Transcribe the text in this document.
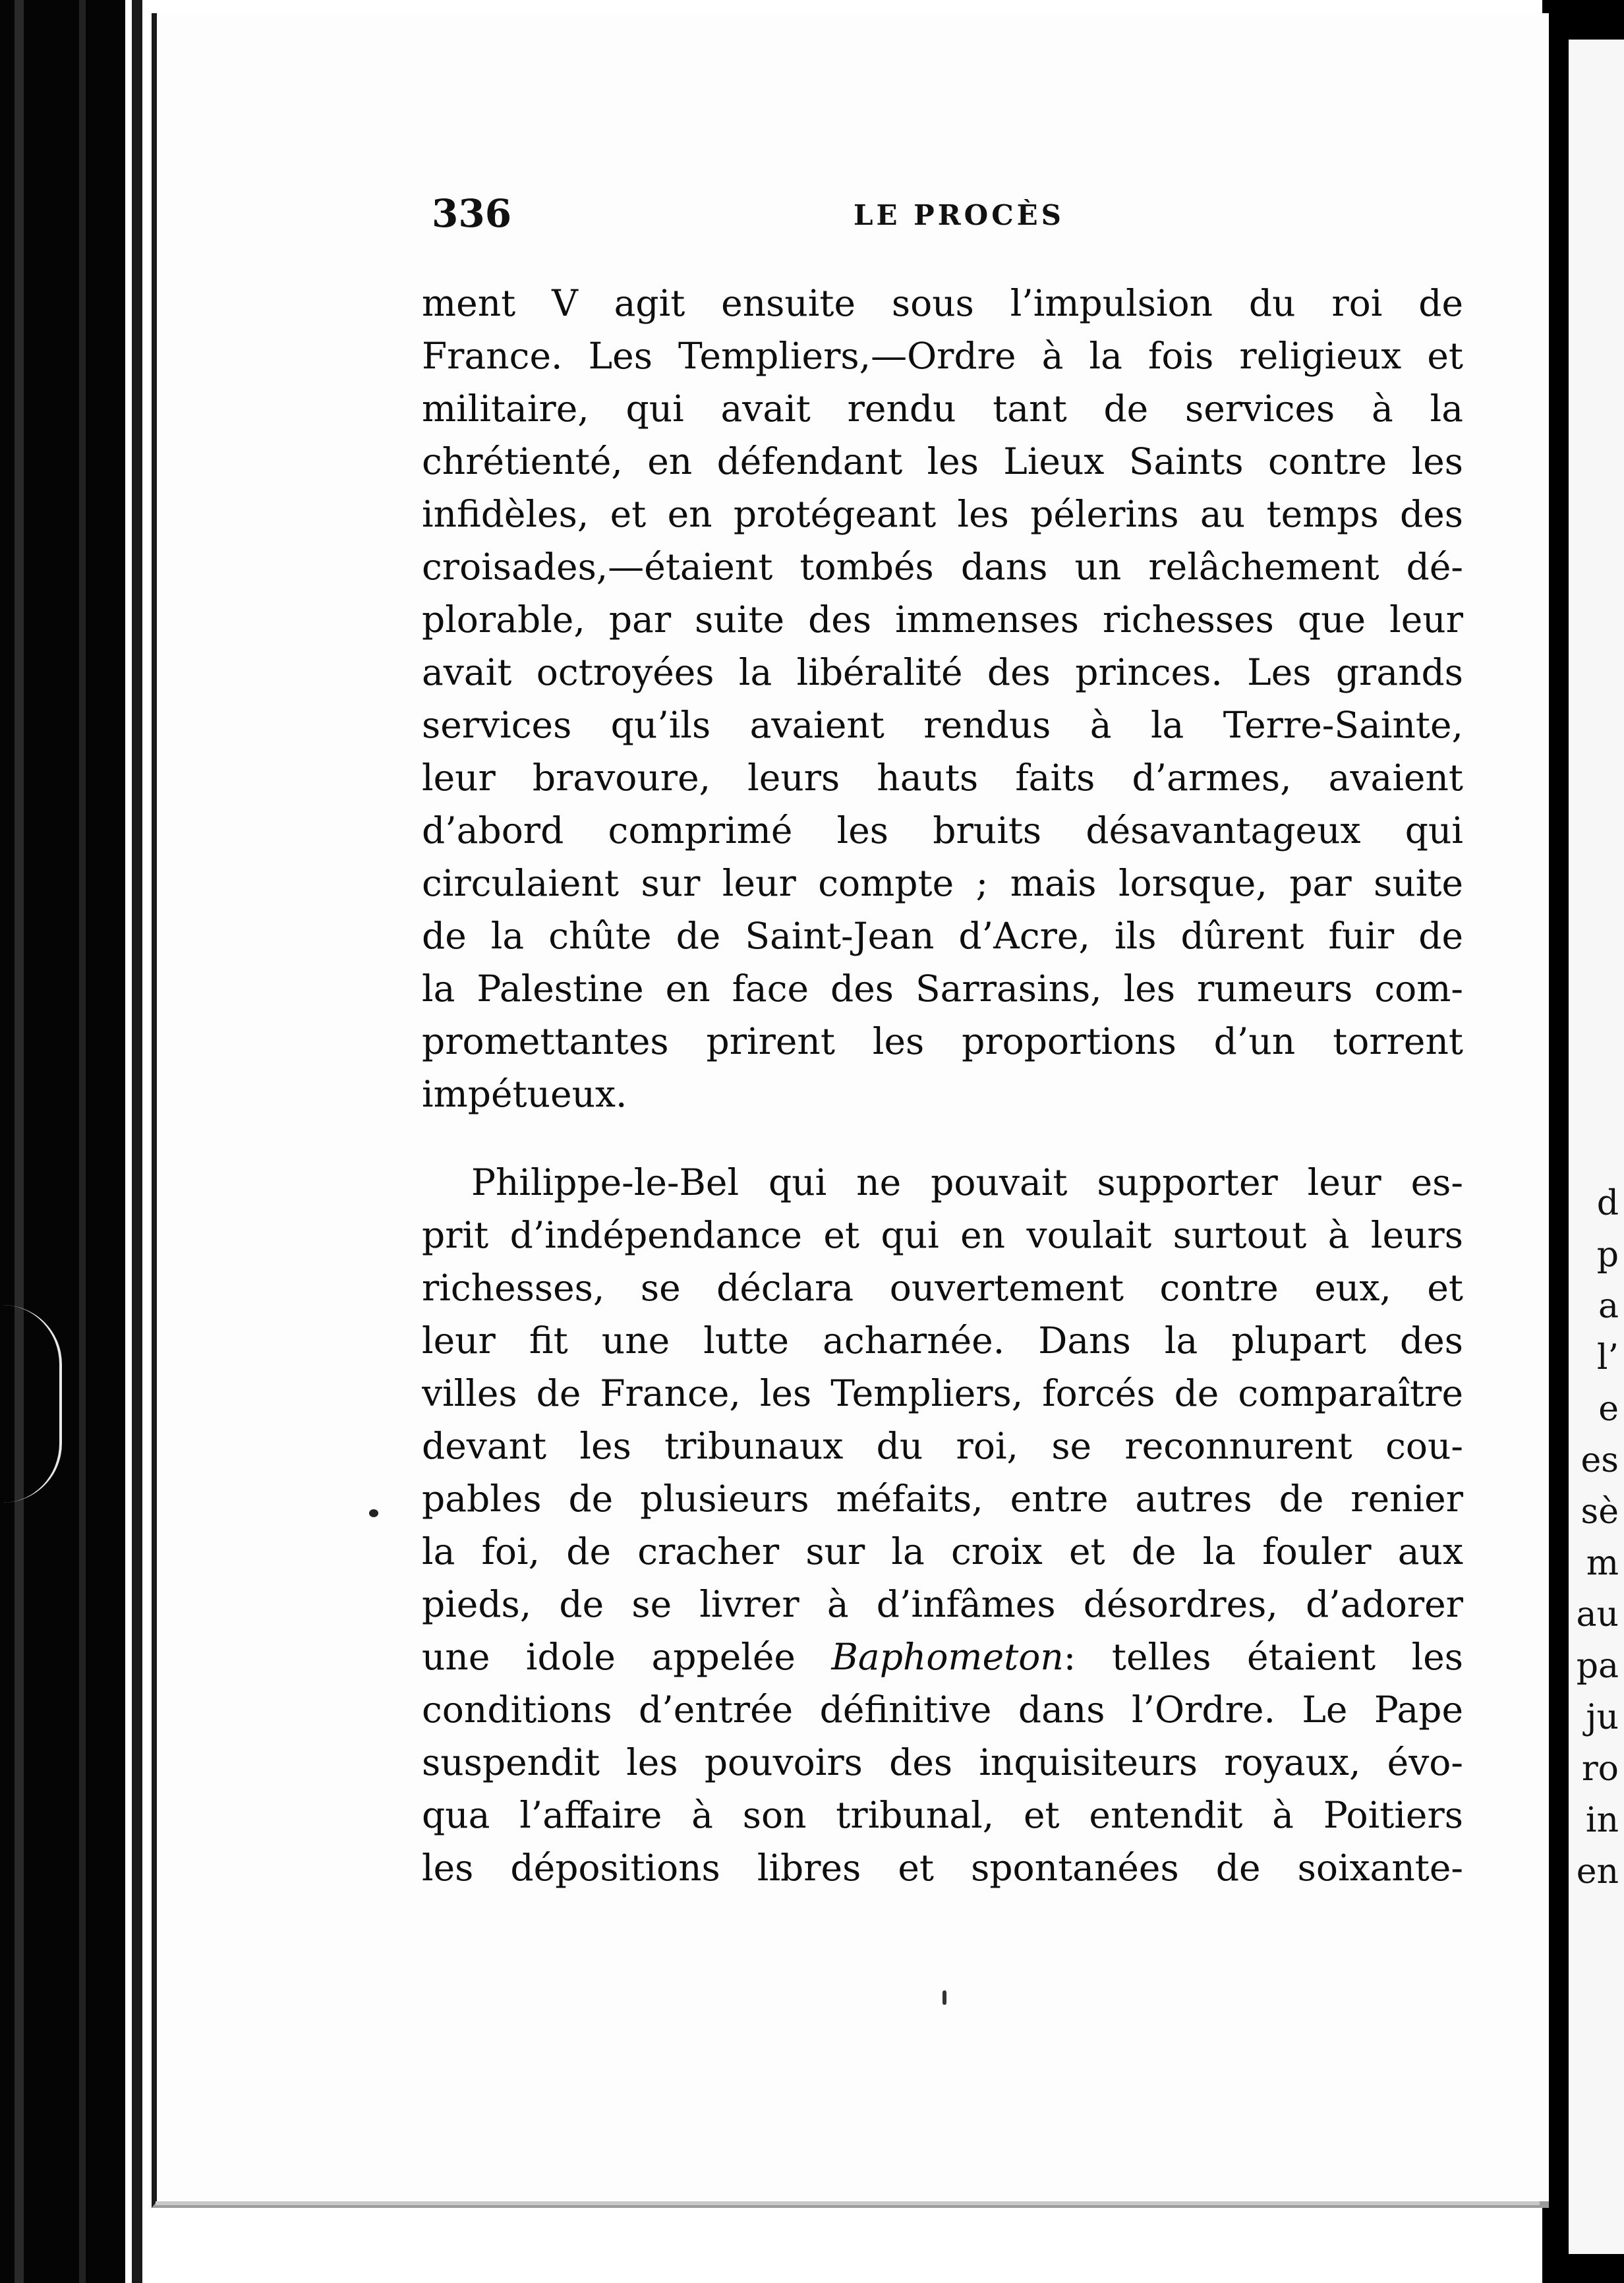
d
p
a
l’
e
es
sè
m
au
pa
ju
ro
in
en
336	LE PROCÈS
ment V agit ensuite sous l’impulsion du roi de
France. Les Templiers,—Ordre à la fois religieux et
militaire, qui avait rendu tant de services à la
chrétienté, en défendant les Lieux Saints contre les
infidèles, et en protégeant les pélerins au temps des
croisades,—étaient tombés dans un relâchement dé-
plorable, par suite des immenses richesses que leur
avait octroyées la libéralité des princes. Les grands
services qu’ils avaient rendus à la Terre-Sainte,
leur bravoure, leurs hauts faits d’armes, avaient
d’abord comprimé les bruits désavantageux qui
circulaient sur leur compte ; mais lorsque, par suite
de la chûte de Saint-Jean d’Acre, ils dûrent fuir de
la Palestine en face des Sarrasins, les rumeurs com-
promettantes prirent les proportions d’un torrent
impétueux.
Philippe-le-Bel qui ne pouvait supporter leur es-
prit d’indépendance et qui en voulait surtout à leurs
richesses, se déclara ouvertement contre eux, et
leur fit une lutte acharnée. Dans la plupart des
villes de France, les Templiers, forcés de comparaître
devant les tribunaux du roi, se reconnurent cou-
pables de plusieurs méfaits, entre autres de renier
la foi, de cracher sur la croix et de la fouler aux
pieds, de se livrer à d’infâmes désordres, d’adorer
une idole appelée Baphometon: telles étaient les
conditions d’entrée définitive dans l’Ordre. Le Pape
suspendit les pouvoirs des inquisiteurs royaux, évo-
qua l’affaire à son tribunal, et entendit à Poitiers
les dépositions libres et spontanées de soixante-
